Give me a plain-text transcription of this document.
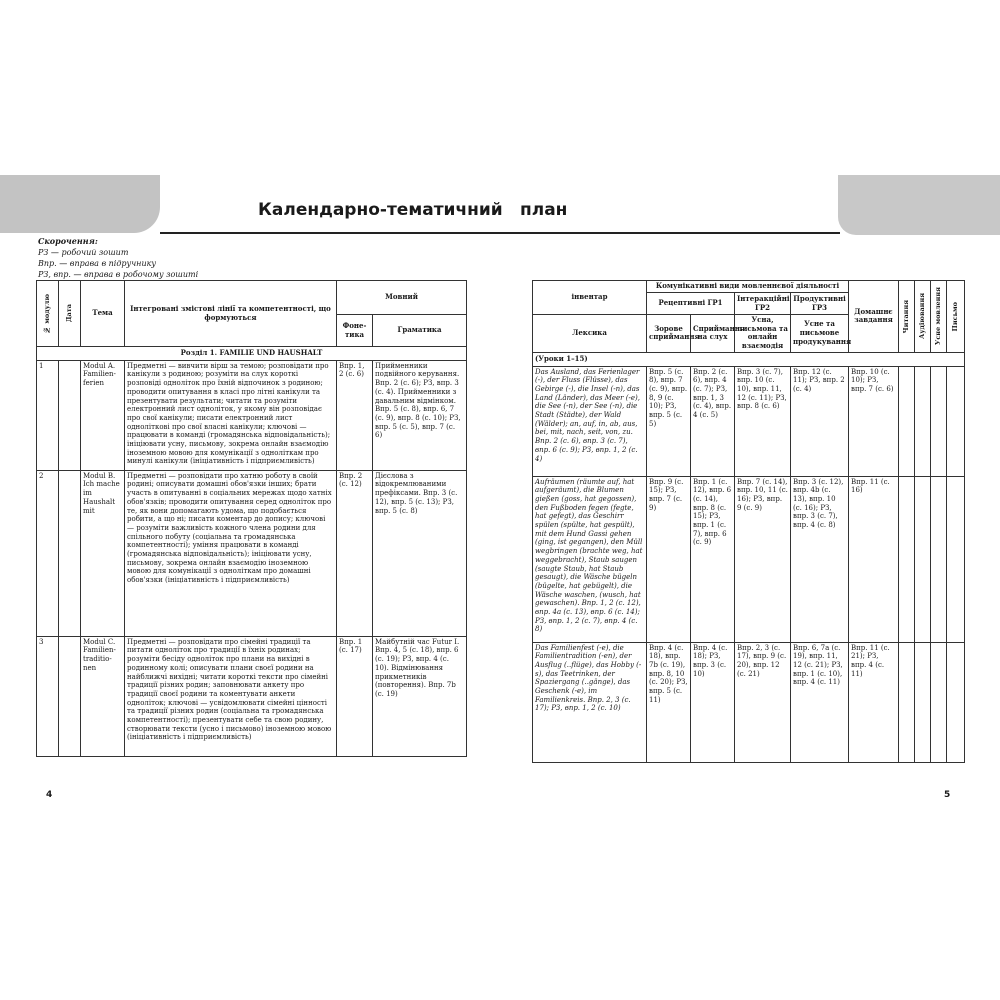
Календарно-тематичний план
Скорочення:
РЗ — робочий зошит
Впр. — вправа в підручнику
РЗ, впр. — вправа в робочому зошиті
№ модулю	Дата	Тема	Інтегровані змістові лінії та компетентності, що формуються	Мовний	
				Фоне-тика	Граматика
Розділ 1. FAMILIE UND HAUSHALT					
1		Modul A. Familien-ferien	Предметні — вивчити вірш за темою; розповідати про канікули з родиною; розуміти на слух короткі розповіді одноліток про їхній відпочинок з родиною; проводити опитування в класі про літні канікули та презентувати результати; читати та розуміти електронний лист одноліток, у якому він розповідає про свої канікули; писати електронний лист одноліткові про свої власні канікули; ключові — працювати в команді (громадянська відповідальність); ініціювати усну, письмову, зокрема онлайн взаємодію іноземною мовою для комунікації з одноліткам про минулі канікули (ініціативність і підприємливість)	Впр. 1, 2 (с. 6)	Прийменники подвійного керування. Впр. 2 (с. 6); РЗ, впр. 3 (с. 4). Прийменники з давальним відмінком. Впр. 5 (с. 8), впр. 6, 7 (с. 9), впр. 8 (с. 10); РЗ, впр. 5 (с. 5), впр. 7 (с. 6)
2		Modul B. Ich mache im Haushalt mit	Предметні — розповідати про хатню роботу в своїй родині; описувати домашні обов'язки інших; брати участь в опитуванні в соціальних мережах щодо хатніх обов'язків; проводити опитування серед одноліток про те, як вони допомагають удома, що подобається робити, а що ні; писати коментар до допису; ключові — розуміти важливість кожного члена родини для спільного побуту (соціальна та громадянська компетентності); уміння працювати в команді (громадянська відповідальність); ініціювати усну, письмову, зокрема онлайн взаємодію іноземною мовою для комунікації з одноліткам про домашні обов'язки (ініціативність і підприємливість)	Впр. 2 (с. 12)	Дієслова з відокремлюваними префіксами. Впр. 3 (с. 12), впр. 5 (с. 13); РЗ, впр. 5 (с. 8)
3		Modul C. Familien-traditio-nen	Предметні — розповідати про сімейні традиції та питати одноліток про традиції в їхніх родинах; розуміти бесіду одноліток про плани на вихідні в родинному колі; описувати плани своєї родини на найближчі вихідні; читати короткі тексти про сімейні традиції різних родин; заповнювати анкету про традиції своєї родини та коментувати анкети одноліток; ключові — усвідомлювати сімейні цінності та традиції різних родин (соціальна та громадянська компетентності); презентувати себе та свою родину, створювати тексти (усно і письмово) іноземною мовою (ініціативність і підприємливість)	Впр. 1 (с. 17)	Майбутній час Futur I. Впр. 4, 5 (с. 18), впр. 6 (с. 19); РЗ, впр. 4 (с. 10). Відмінювання прикметників (повторення). Впр. 7b (с. 19)
інвентар	Комунікативні види мовленнєвої діяльності				Домашнє завдання	Читання	Аудіювання	Усне мовлення	Письмо

	Рецептивні ГР1		Інтеракційні ГР2	Продуктивні ГР3					
Лексика	Зорове сприймання	Сприймання на слух	Усна, письмова та онлайн взаємодія	Усне та письмове продукування					
(Уроки 1–15)									
Das Ausland, das Ferienlager (-), der Fluss (Flüsse), das Gebirge (-), die Insel (-n), das Land (Länder), das Meer (-e), die See (-n), der See (-n), die Stadt (Städte), der Wald (Wälder); an, auf, in, ab, aus, bei, mit, nach, seit, von, zu. Впр. 2 (с. 6), впр. 3 (с. 7), впр. 6 (с. 9); РЗ, впр. 1, 2 (с. 4)	Впр. 5 (с. 8), впр. 7 (с. 9), впр. 8, 9 (с. 10); РЗ, впр. 5 (с. 5)	Впр. 2 (с. 6), впр. 4 (с. 7); РЗ, впр. 1, 3 (с. 4), впр. 4 (с. 5)	Впр. 3 (с. 7), впр. 10 (с. 10), впр. 11, 12 (с. 11); РЗ, впр. 8 (с. 6)	Впр. 12 (с. 11); РЗ, впр. 2 (с. 4)	Впр. 10 (с. 10); РЗ, впр. 7 (с. 6)				
Aufräumen (räumte auf, hat aufgeräumt), die Blumen gießen (goss, hat gegossen), den Fußboden fegen (fegte, hat gefegt), das Geschirr spülen (spülte, hat gespült), mit dem Hund Gassi gehen (ging, ist gegangen), den Müll wegbringen (brachte weg, hat weggebracht), Staub saugen (saugte Staub, hat Staub gesaugt), die Wäsche bügeln (bügelte, hat gebügelt), die Wäsche waschen, (wusch, hat gewaschen). Впр. 1, 2 (с. 12), впр. 4a (с. 13), впр. 6 (с. 14); РЗ, впр. 1, 2 (с. 7), впр. 4 (с. 8)	Впр. 9 (с. 15); РЗ, впр. 7 (с. 9)	Впр. 1 (с. 12), впр. 6 (с. 14), впр. 8 (с. 15); РЗ, впр. 1 (с. 7), впр. 6 (с. 9)	Впр. 7 (с. 14), впр. 10, 11 (с. 16); РЗ, впр. 9 (с. 9)	Впр. 3 (с. 12), впр. 4b (с. 13), впр. 10 (с. 16); РЗ, впр. 3 (с. 7), впр. 4 (с. 8)	Впр. 11 (с. 16)				
Das Familienfest (-e), die Familientradition (-en), der Ausflug (..flüge), das Hobby (-s), das Teetrinken, der Spaziergang (..gänge), das Geschenk (-e), im Familienkreis. Впр. 2, 3 (с. 17); РЗ, впр. 1, 2 (с. 10)	Впр. 4 (с. 18), впр. 7b (с. 19), впр. 8, 10 (с. 20); РЗ, впр. 5 (с. 11)	Впр. 4 (с. 18); РЗ, впр. 3 (с. 10)	Впр. 2, 3 (с. 17), впр. 9 (с. 20), впр. 12 (с. 21)	Впр. 6, 7a (с. 19), впр. 11, 12 (с. 21); РЗ, впр. 1 (с. 10), впр. 4 (с. 11)	Впр. 11 (с. 21); РЗ, впр. 4 (с. 11)				
4	5
